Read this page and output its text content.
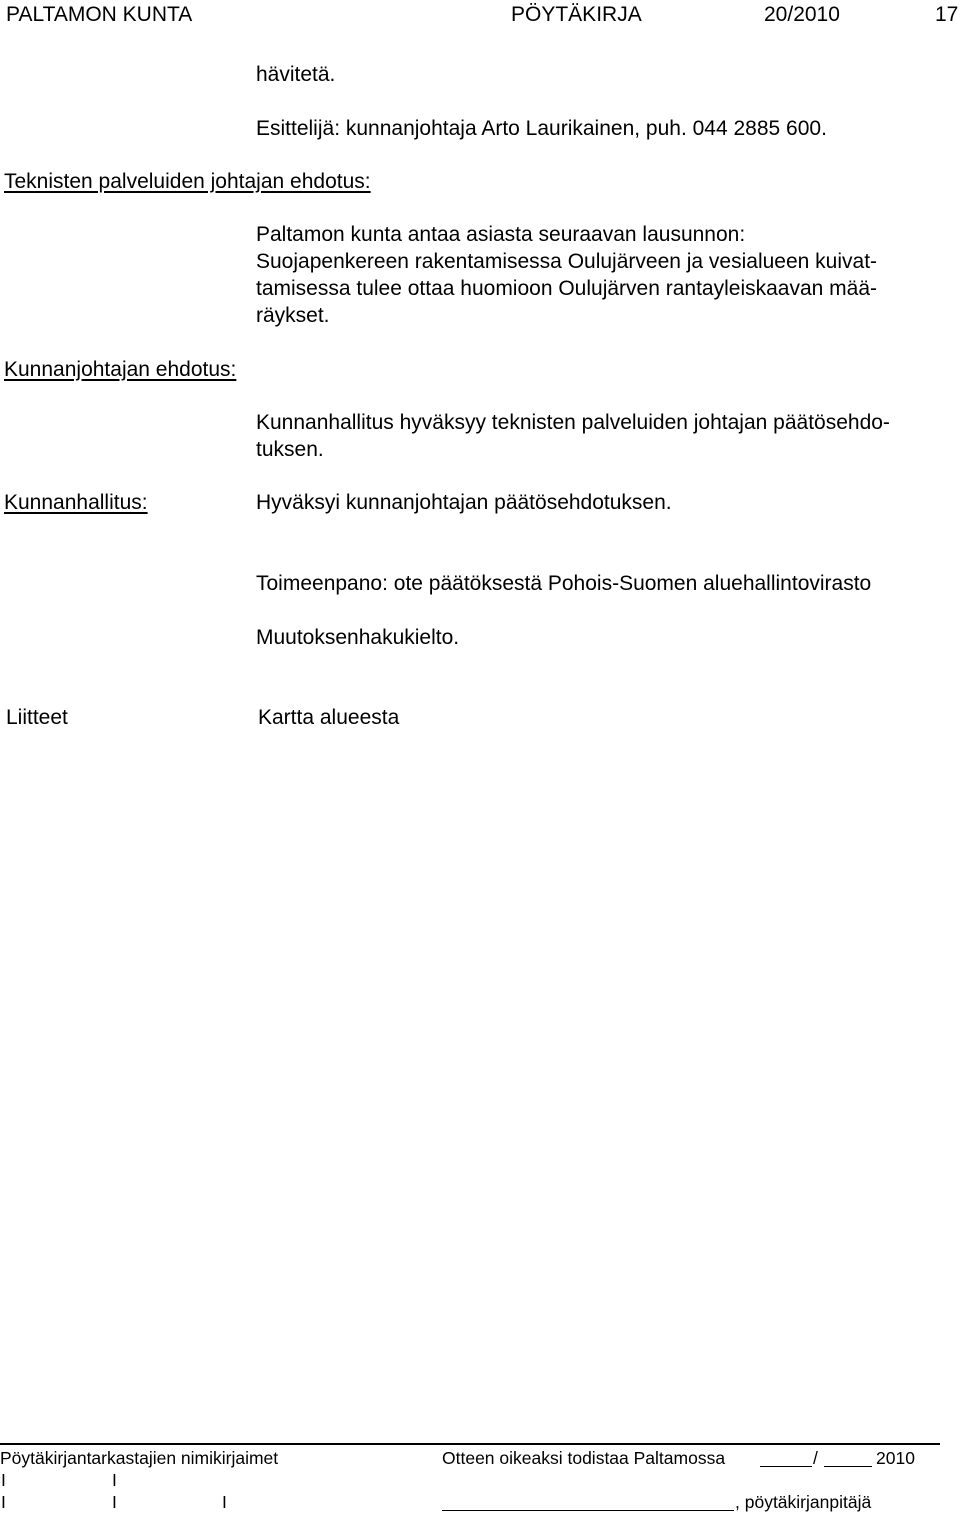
PALTAMON KUNTA	PÖYTÄKIRJA	20/2010	17
hävitetä.
Esittelijä: kunnanjohtaja Arto Laurikainen, puh. 044 2885 600.
Teknisten palveluiden johtajan ehdotus:
Paltamon kunta antaa asiasta seuraavan lausunnon:
Suojapenkereen rakentamisessa Oulujärveen ja vesialueen kuivat-
tamisessa tulee ottaa huomioon Oulujärven rantayleiskaavan mää-
räykset.
Kunnanjohtajan ehdotus:
Kunnanhallitus hyväksyy teknisten palveluiden johtajan päätösehdo-
tuksen.
Kunnanhallitus:	Hyväksyi kunnanjohtajan päätösehdotuksen.
Toimeenpano: ote päätöksestä Pohois-Suomen aluehallintovirasto
Muutoksenhakukielto.
Liitteet	Kartta alueesta
Pöytäkirjantarkastajien nimikirjaimet	Otteen oikeaksi todistaa Paltamossa	/	2010
I	I
I	I	I	, pöytäkirjanpitäjä
